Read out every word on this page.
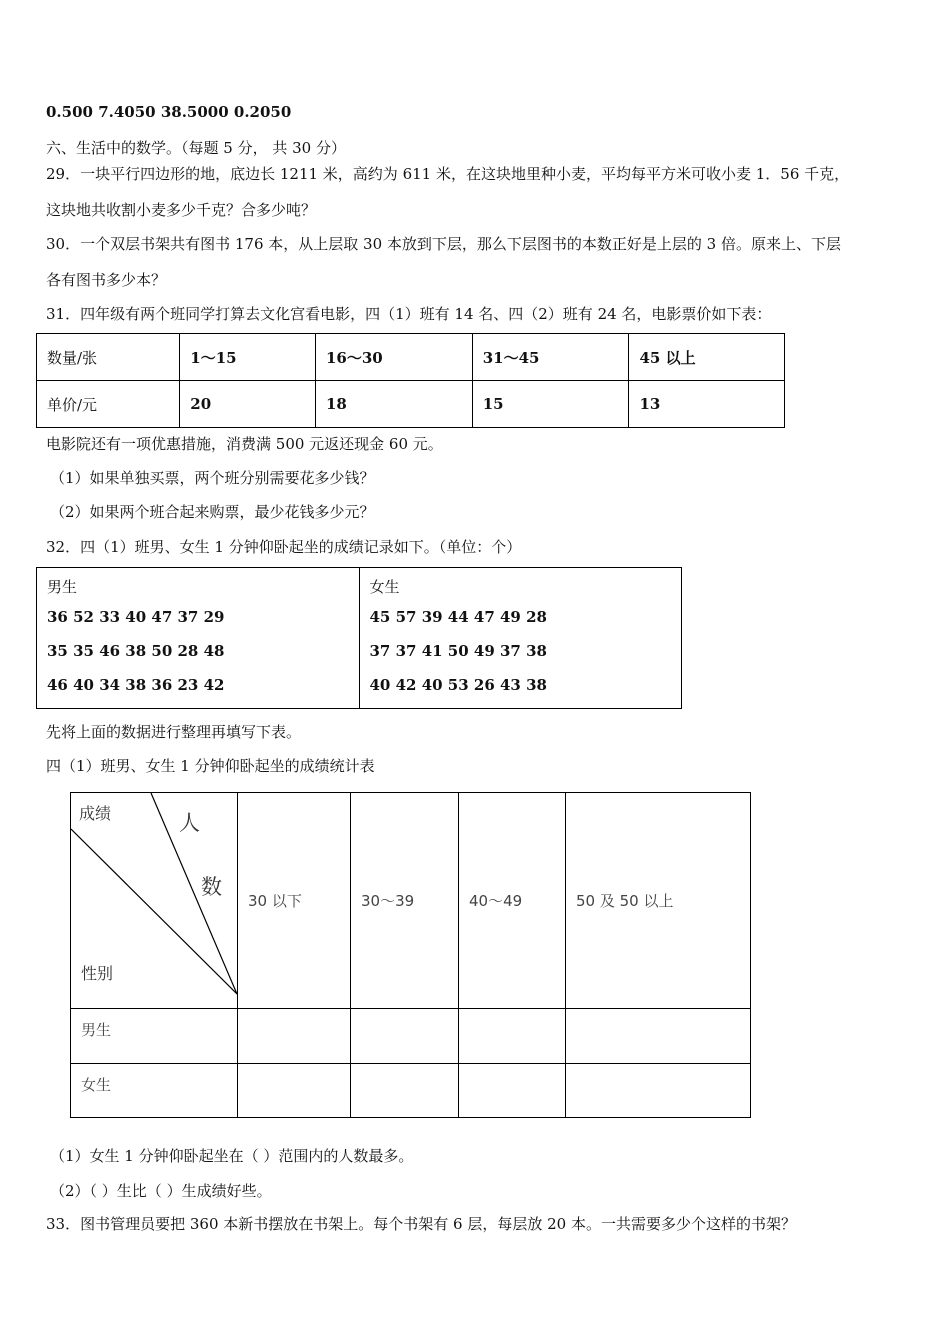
0.500 7.4050 38.5000 0.2050
六、生活中的数学。（每题 5 分， 共 30 分）
29．一块平行四边形的地，底边长 1211 米，高约为 611 米，在这块地里种小麦，平均每平方米可收小麦 1．56 千克，
这块地共收割小麦多少千克？合多少吨？
30．一个双层书架共有图书 176 本，从上层取 30 本放到下层，那么下层图书的本数正好是上层的 3 倍。原来上、下层
各有图书多少本？
31．四年级有两个班同学打算去文化宫看电影，四（1）班有 14 名、四（2）班有 24 名，电影票价如下表：
数量/张	1～15	16～30	31～45	45 以上
单价/元	20	18	15	13
电影院还有一项优惠措施，消费满 500 元返还现金 60 元。
（1）如果单独买票，两个班分别需要花多少钱？
（2）如果两个班合起来购票，最少花钱多少元？
32．四（1）班男、女生 1 分钟仰卧起坐的成绩记录如下。（单位：个）
男生
36 52 33 40 47 37 29
35 35 46 38 50 28 48
46 40 34 38 36 23 42

女生
45 57 39 44 47 49 28
37 37 41 50 49 37 38
40 42 40 53 26 43 38
先将上面的数据进行整理再填写下表。
四（1）班男、女生 1 分钟仰卧起坐的成绩统计表
成绩 人
数
性别	30 以下	30～39	40～49	50 及 50 以上
男生				
女生				
（1）女生 1 分钟仰卧起坐在（ ）范围内的人数最多。
（2）（ ）生比（ ）生成绩好些。
33．图书管理员要把 360 本新书摆放在书架上。每个书架有 6 层，每层放 20 本。一共需要多少个这样的书架？
